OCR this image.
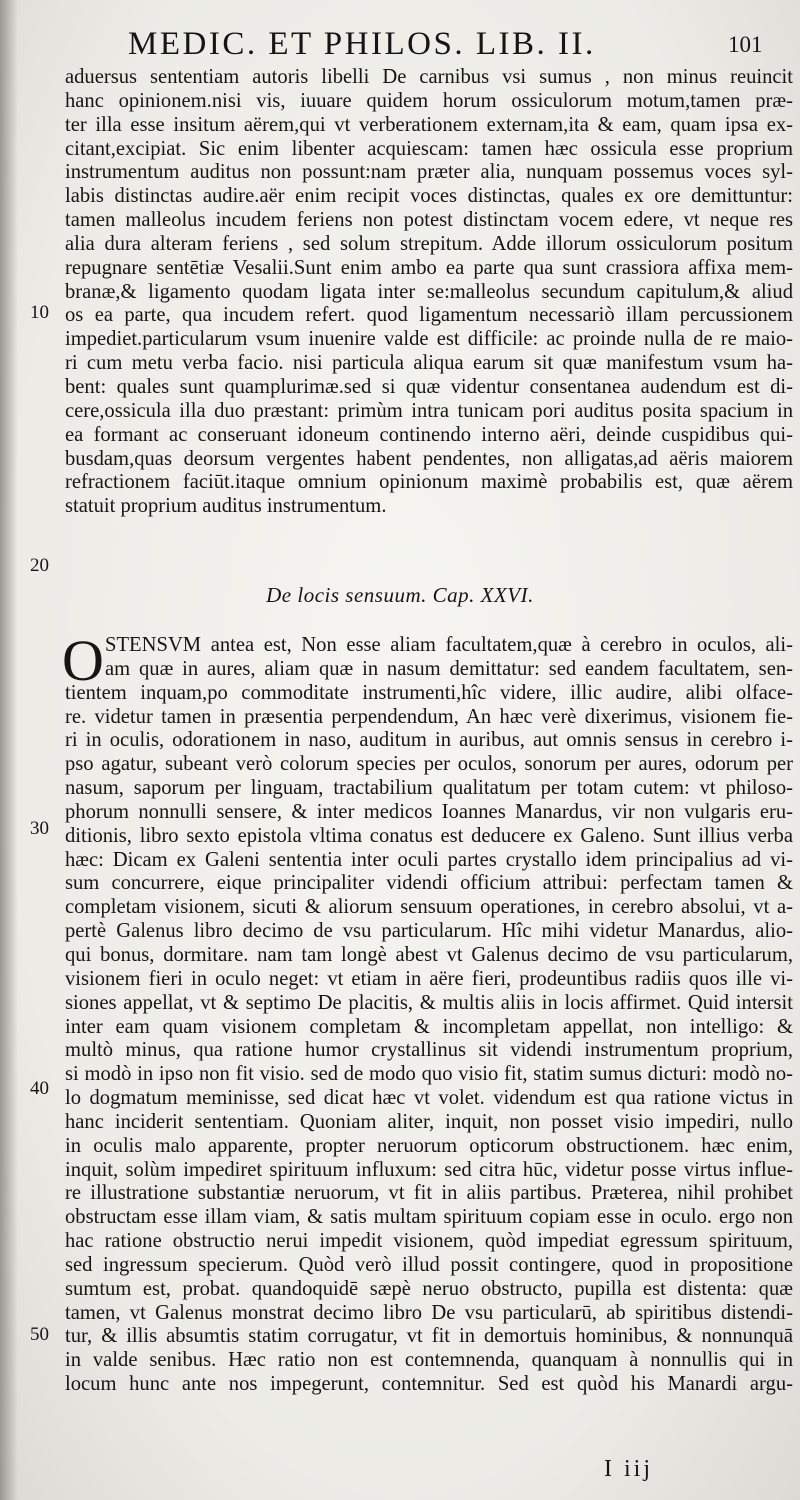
MEDIC. ET PHILOS. LIB. II.	101
aduersus sententiam autoris libelli De carnibus vsi sumus , non minus reuincit
hanc opinionem.nisi vis, iuuare quidem horum ossiculorum motum,tamen præ-
ter illa esse insitum aërem,qui vt verberationem externam,ita & eam, quam ipsa ex-
citant,excipiat. Sic enim libenter acquiescam: tamen hæc ossicula esse proprium
instrumentum auditus non possunt:nam præter alia, nunquam possemus voces syl-
labis distinctas audire.aër enim recipit voces distinctas, quales ex ore demittuntur:
tamen malleolus incudem feriens non potest distinctam vocem edere, vt neque res
alia dura alteram feriens , sed solum strepitum. Adde illorum ossiculorum positum
repugnare sentētiæ Vesalii.Sunt enim ambo ea parte qua sunt crassiora affixa mem-
branæ,& ligamento quodam ligata inter se:malleolus secundum capitulum,& aliud
os ea parte, qua incudem refert. quod ligamentum necessariò illam percussionem
impediet.particularum vsum inuenire valde est difficile: ac proinde nulla de re maio-
ri cum metu verba facio. nisi particula aliqua earum sit quæ manifestum vsum ha-
bent: quales sunt quamplurimæ.sed si quæ videntur consentanea audendum est di-
cere,ossicula illa duo præstant: primùm intra tunicam pori auditus posita spacium in
ea formant ac conseruant idoneum continendo interno aëri, deinde cuspidibus qui-
busdam,quas deorsum vergentes habent pendentes, non alligatas,ad aëris maiorem
refractionem faciūt.itaque omnium opinionum maximè probabilis est, quæ aërem
statuit proprium auditus instrumentum.
10
20
De locis sensuum. Cap. XXVI.
O STENSVM antea est, Non esse aliam facultatem,quæ à cerebro in oculos, ali-
am quæ in aures, aliam quæ in nasum demittatur: sed eandem facultatem, sen-
tientem inquam,po commoditate instrumenti,hîc videre, illic audire, alibi olface-
re. videtur tamen in præsentia perpendendum, An hæc verè dixerimus, visionem fie-
ri in oculis, odorationem in naso, auditum in auribus, aut omnis sensus in cerebro i-
pso agatur, subeant verò colorum species per oculos, sonorum per aures, odorum per
nasum, saporum per linguam, tractabilium qualitatum per totam cutem: vt philoso-
phorum nonnulli sensere, & inter medicos Ioannes Manardus, vir non vulgaris eru-
ditionis, libro sexto epistola vltima conatus est deducere ex Galeno. Sunt illius verba
hæc: Dicam ex Galeni sententia inter oculi partes crystallo idem principalius ad vi-
sum concurrere, eique principaliter videndi officium attribui: perfectam tamen &
completam visionem, sicuti & aliorum sensuum operationes, in cerebro absolui, vt a-
pertè Galenus libro decimo de vsu particularum. Hîc mihi videtur Manardus, alio-
qui bonus, dormitare. nam tam longè abest vt Galenus decimo de vsu particularum,
visionem fieri in oculo neget: vt etiam in aëre fieri, prodeuntibus radiis quos ille vi-
siones appellat, vt & septimo De placitis, & multis aliis in locis affirmet. Quid intersit
inter eam quam visionem completam & incompletam appellat, non intelligo: &
multò minus, qua ratione humor crystallinus sit videndi instrumentum proprium,
si modò in ipso non fit visio. sed de modo quo visio fit, statim sumus dicturi: modò no-
lo dogmatum meminisse, sed dicat hæc vt volet. videndum est qua ratione victus in
hanc inciderit sententiam. Quoniam aliter, inquit, non posset visio impediri, nullo
in oculis malo apparente, propter neruorum opticorum obstructionem. hæc enim,
inquit, solùm impediret spirituum influxum: sed citra hūc, videtur posse virtus influe-
re illustratione substantiæ neruorum, vt fit in aliis partibus. Præterea, nihil prohibet
obstructam esse illam viam, & satis multam spirituum copiam esse in oculo. ergo non
hac ratione obstructio nerui impedit visionem, quòd impediat egressum spirituum,
sed ingressum specierum. Quòd verò illud possit contingere, quod in propositione
sumtum est, probat. quandoquidē sæpè neruo obstructo, pupilla est distenta: quæ
tamen, vt Galenus monstrat decimo libro De vsu particularū, ab spiritibus distendi-
tur, & illis absumtis statim corrugatur, vt fit in demortuis hominibus, & nonnunquā
in valde senibus. Hæc ratio non est contemnenda, quanquam à nonnullis qui in
locum hunc ante nos impegerunt, contemnitur. Sed est quòd his Manardi argu-
30
40
50
I iij
